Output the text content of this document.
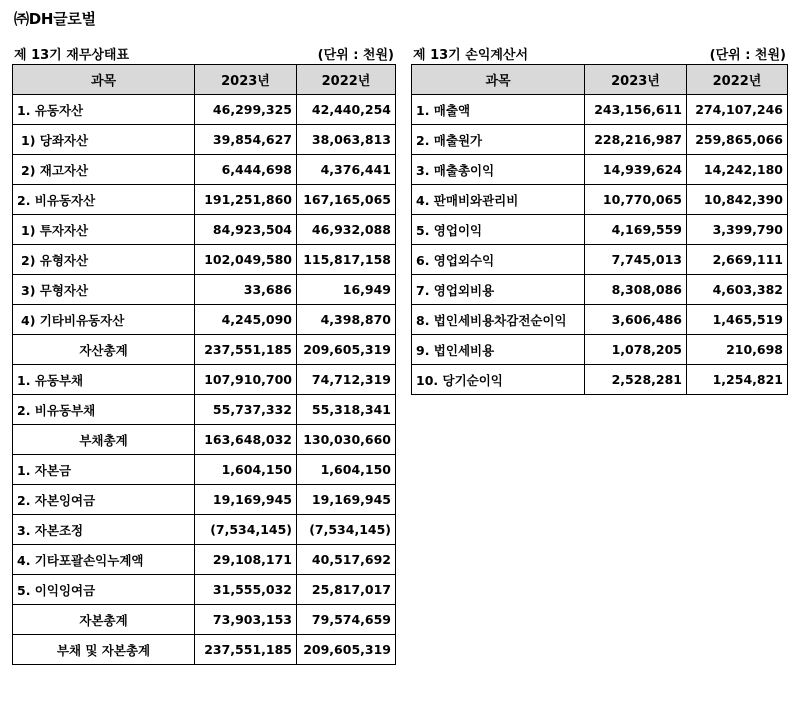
㈜DH글로벌
제 13기 재무상태표	(단위 : 천원) 제 13기 손익계산서	(단위 : 천원)
과목	2023년	2022년
1. 유동자산	46,299,325	42,440,254
1) 당좌자산	39,854,627	38,063,813
2) 재고자산	6,444,698	4,376,441
2. 비유동자산	191,251,860	167,165,065
1) 투자자산	84,923,504	46,932,088
2) 유형자산	102,049,580	115,817,158
3) 무형자산	33,686	16,949
4) 기타비유동자산	4,245,090	4,398,870
자산총계	237,551,185	209,605,319
1. 유동부채	107,910,700	74,712,319
2. 비유동부채	55,737,332	55,318,341
부채총계	163,648,032	130,030,660
1. 자본금	1,604,150	1,604,150
2. 자본잉여금	19,169,945	19,169,945
3. 자본조정	(7,534,145)	(7,534,145)
4. 기타포괄손익누계액	29,108,171	40,517,692
5. 이익잉여금	31,555,032	25,817,017
자본총계	73,903,153	79,574,659
부채 및 자본총계	237,551,185	209,605,319
과목	2023년	2022년
1. 매출액	243,156,611	274,107,246
2. 매출원가	228,216,987	259,865,066
3. 매출총이익	14,939,624	14,242,180
4. 판매비와관리비	10,770,065	10,842,390
5. 영업이익	4,169,559	3,399,790
6. 영업외수익	7,745,013	2,669,111
7. 영업외비용	8,308,086	4,603,382
8. 법인세비용차감전순이익	3,606,486	1,465,519
9. 법인세비용	1,078,205	210,698
10. 당기순이익	2,528,281	1,254,821
